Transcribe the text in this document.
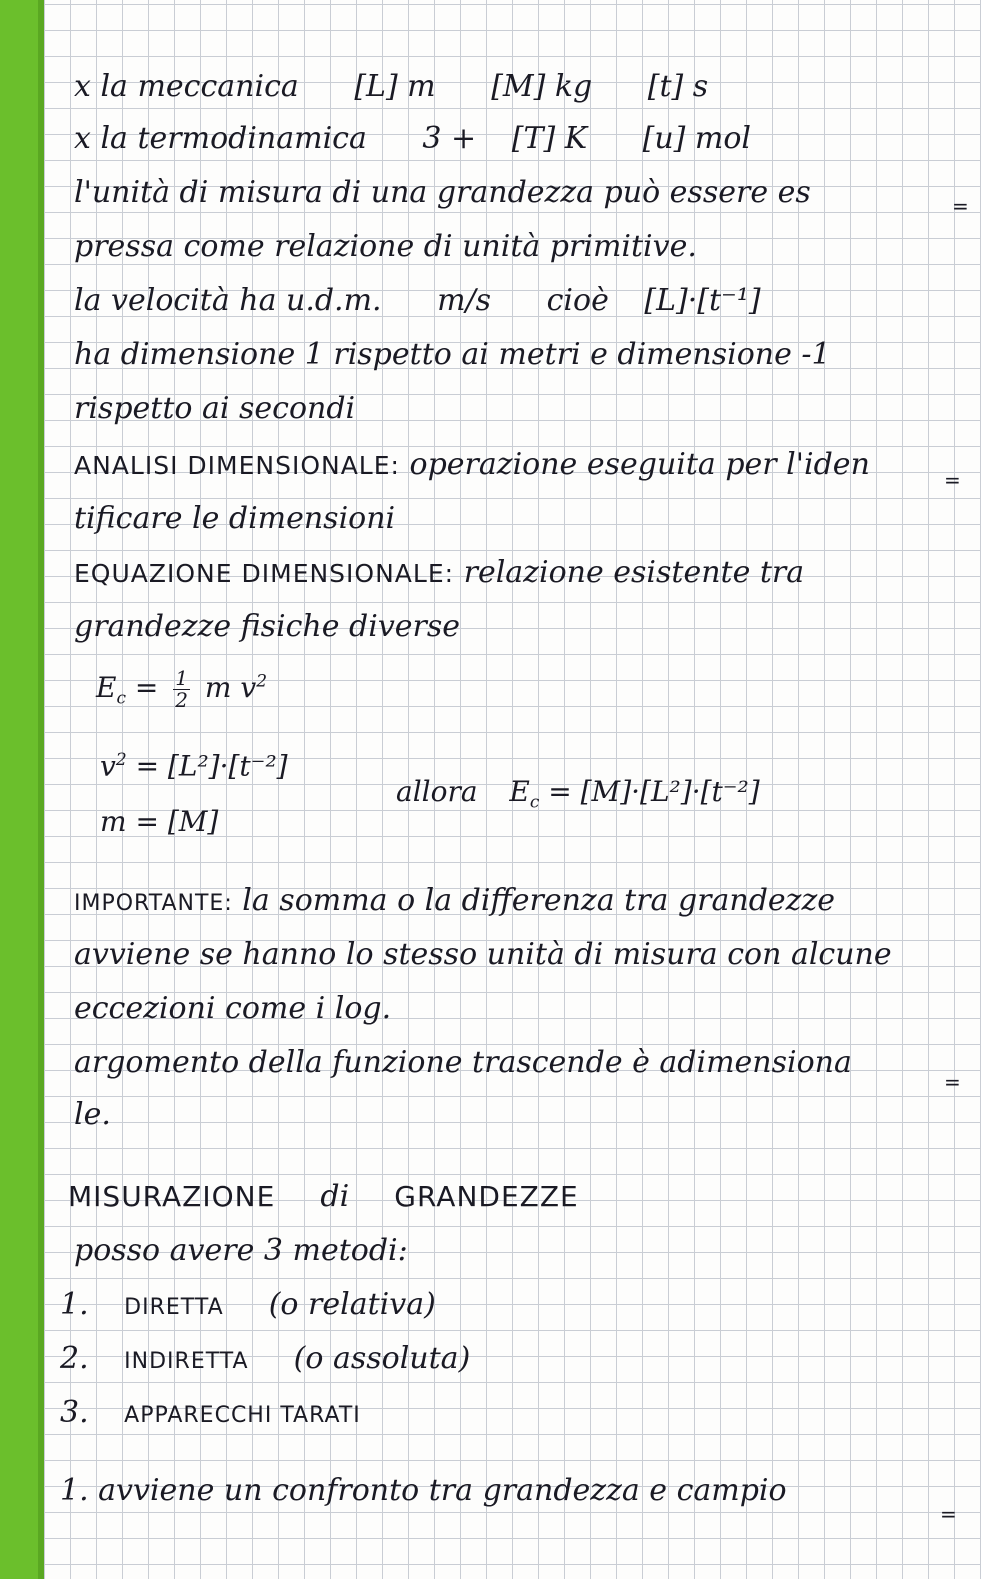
x la meccanica [L] m [M] kg [t] s
x la termodinamica 3 + [T] K [u] mol
l'unità di misura di una grandezza può essere es	=
pressa come relazione di unità primitive.
la velocità ha u.d.m. m/s cioè [L]·[t⁻¹]
ha dimensione 1 rispetto ai metri e dimensione -1
rispetto ai secondi
ANALISI DIMENSIONALE: operazione eseguita per l'iden	=
tificare le dimensioni
EQUAZIONE DIMENSIONALE: relazione esistente tra
grandezze fisiche diverse
$E_c = \frac{1}{2}$ m $v^2$
$v^2 = [L^2]\cdot[t^{-2}]$
m = [M]
allora $E_c = [M]\cdot[L^2]\cdot[t^{-2}]$
IMPORTANTE: la somma o la differenza tra grandezze
avviene se hanno lo stesso unità di misura con alcune
eccezioni come i log.
argomento della funzione trascende è adimensiona
=
le.
MISURAZIONE di GRANDEZZE
posso avere 3 metodi:
1. DIRETTA (o relativa)
2. INDIRETTA (o assoluta)
3. APPARECCHI TARATI
1. avviene un confronto tra grandezza e campio
=
